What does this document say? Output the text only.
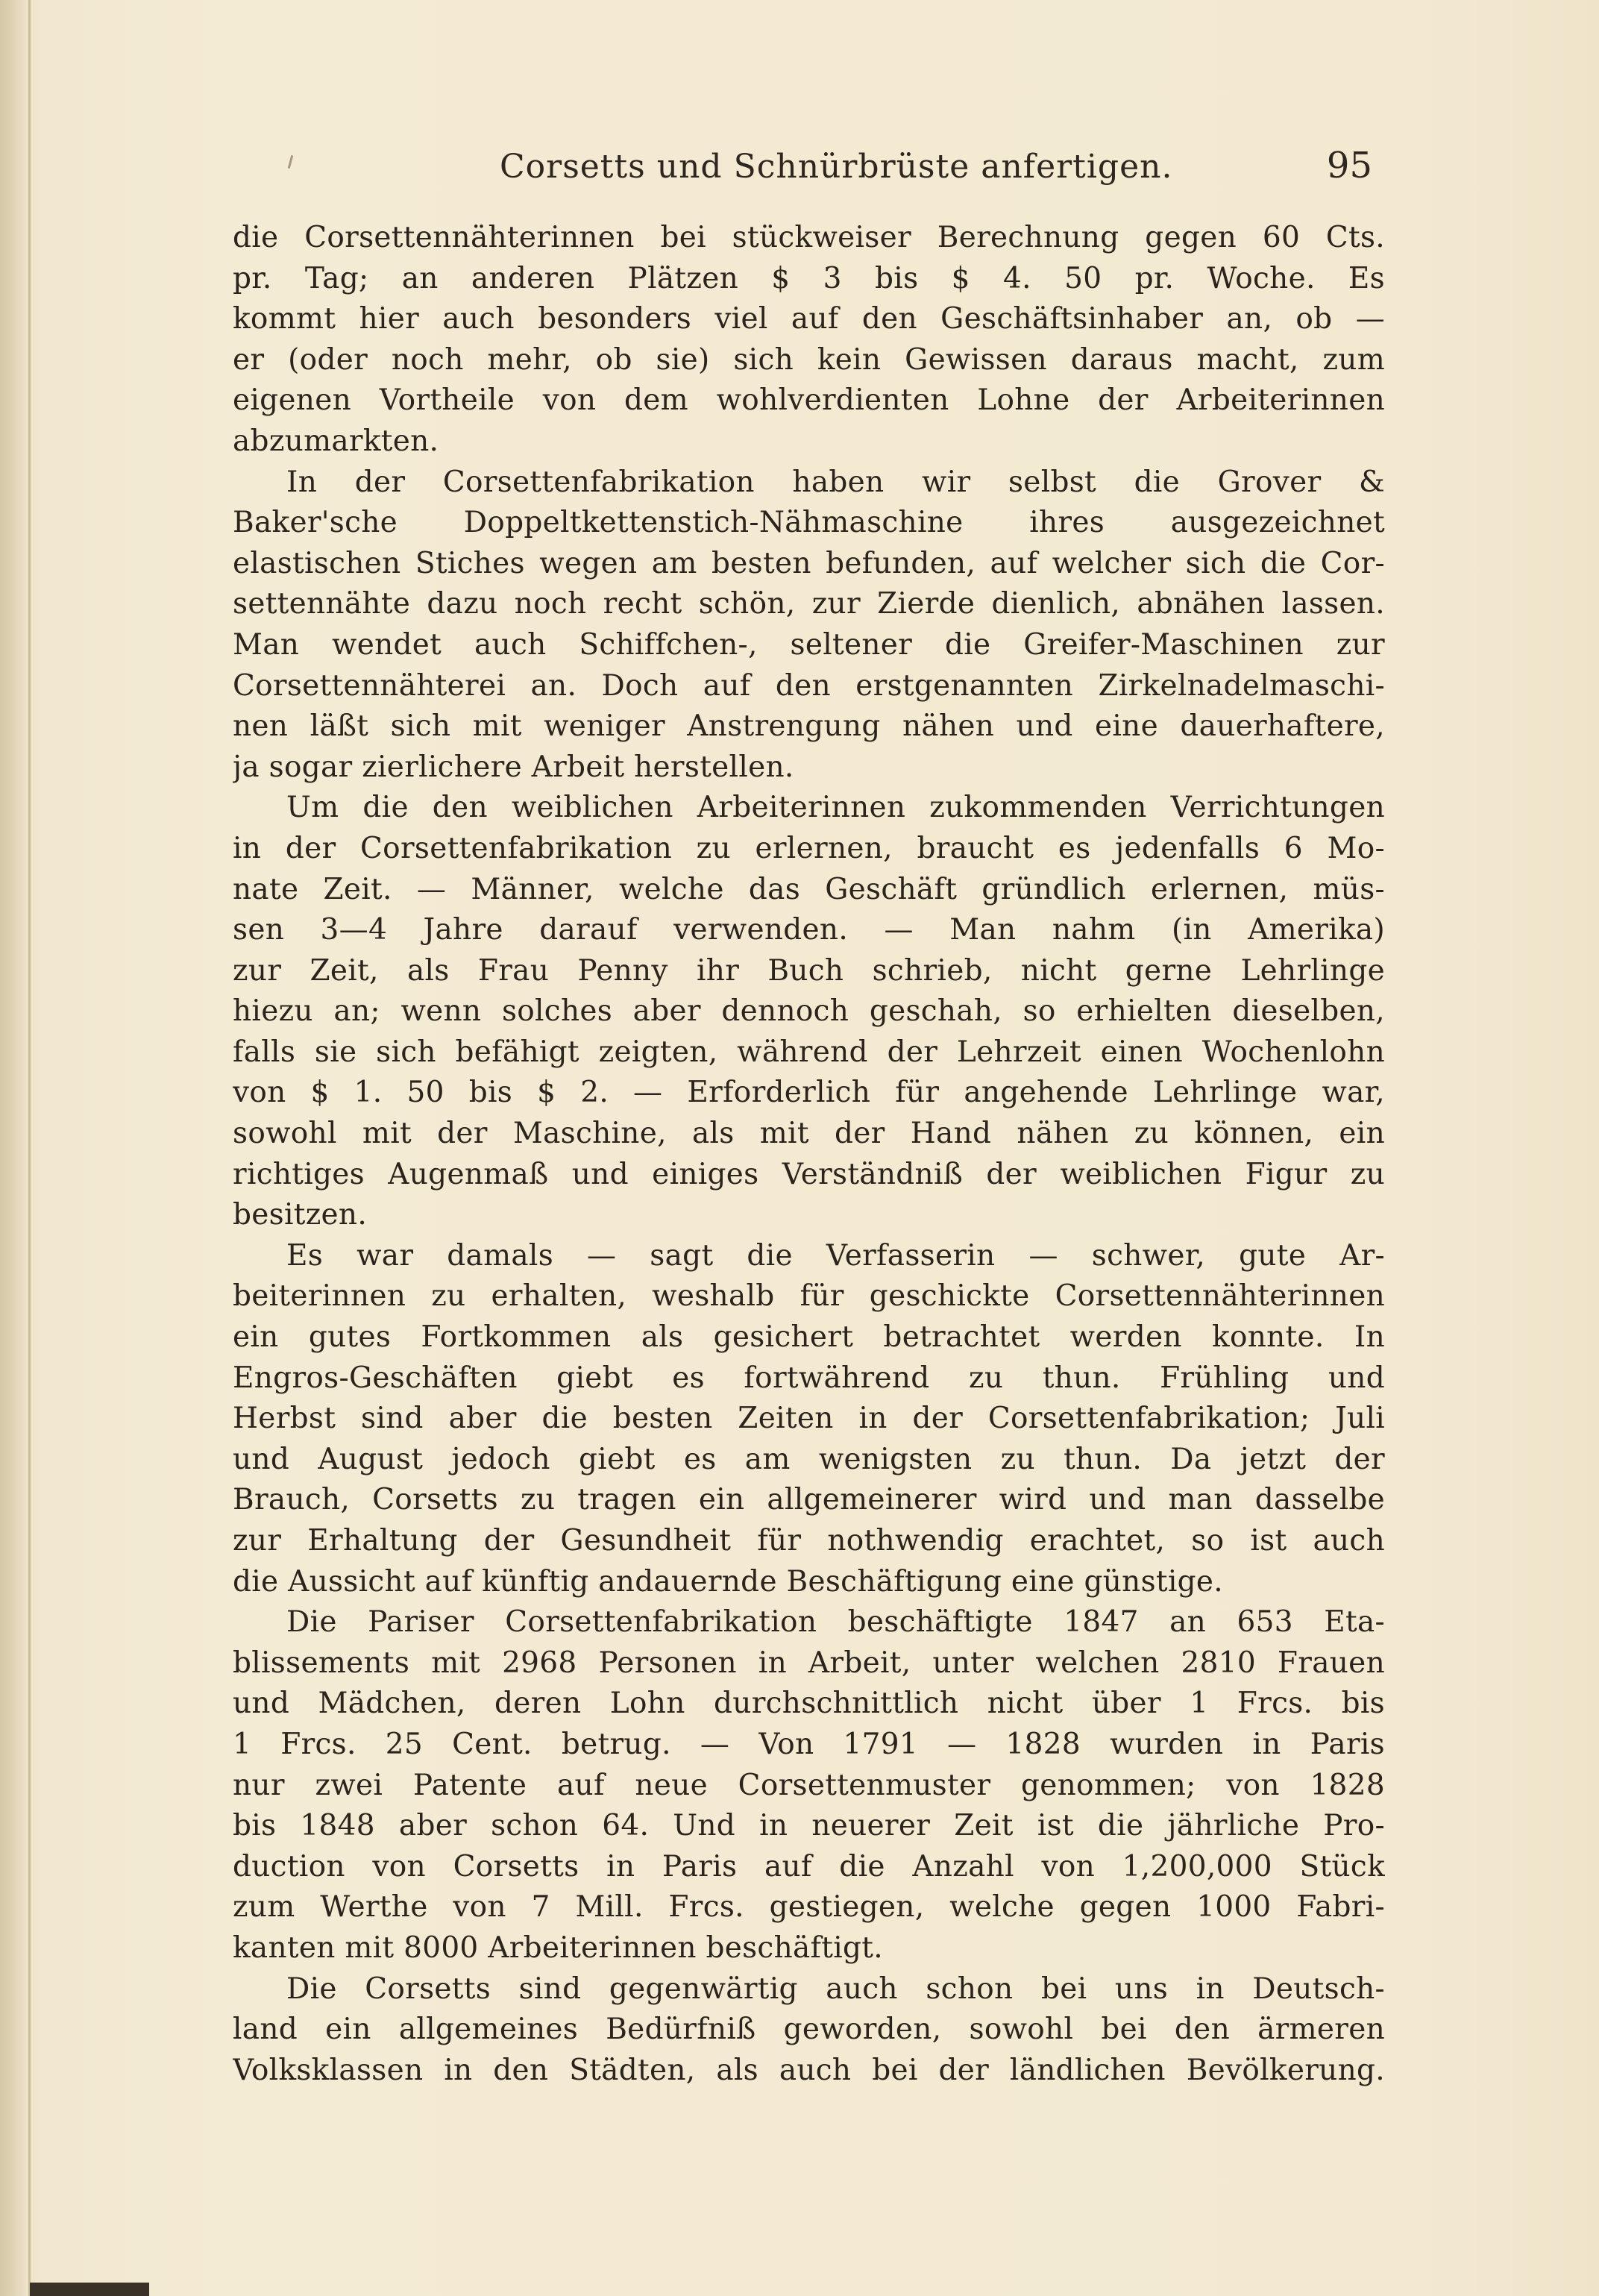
Corsetts und Schnürbrüste anfertigen.	95
die Corsettennähterinnen bei stückweiser Berechnung gegen 60 Cts.
pr. Tag; an anderen Plätzen $ 3 bis $ 4. 50 pr. Woche. Es
kommt hier auch besonders viel auf den Geschäftsinhaber an, ob —
er (oder noch mehr, ob sie) sich kein Gewissen daraus macht, zum
eigenen Vortheile von dem wohlverdienten Lohne der Arbeiterinnen
abzumarkten.
In der Corsettenfabrikation haben wir selbst die Grover &
Baker'sche Doppeltkettenstich-Nähmaschine ihres ausgezeichnet
elastischen Stiches wegen am besten befunden, auf welcher sich die Cor-
settennähte dazu noch recht schön, zur Zierde dienlich, abnähen lassen.
Man wendet auch Schiffchen-, seltener die Greifer-Maschinen zur
Corsettennähterei an. Doch auf den erstgenannten Zirkelnadelmaschi-
nen läßt sich mit weniger Anstrengung nähen und eine dauerhaftere,
ja sogar zierlichere Arbeit herstellen.
Um die den weiblichen Arbeiterinnen zukommenden Verrichtungen
in der Corsettenfabrikation zu erlernen, braucht es jedenfalls 6 Mo-
nate Zeit. — Männer, welche das Geschäft gründlich erlernen, müs-
sen 3—4 Jahre darauf verwenden. — Man nahm (in Amerika)
zur Zeit, als Frau Penny ihr Buch schrieb, nicht gerne Lehrlinge
hiezu an; wenn solches aber dennoch geschah, so erhielten dieselben,
falls sie sich befähigt zeigten, während der Lehrzeit einen Wochenlohn
von $ 1. 50 bis $ 2. — Erforderlich für angehende Lehrlinge war,
sowohl mit der Maschine, als mit der Hand nähen zu können, ein
richtiges Augenmaß und einiges Verständniß der weiblichen Figur zu
besitzen.
Es war damals — sagt die Verfasserin — schwer, gute Ar-
beiterinnen zu erhalten, weshalb für geschickte Corsettennähterinnen
ein gutes Fortkommen als gesichert betrachtet werden konnte. In
Engros-Geschäften giebt es fortwährend zu thun. Frühling und
Herbst sind aber die besten Zeiten in der Corsettenfabrikation; Juli
und August jedoch giebt es am wenigsten zu thun. Da jetzt der
Brauch, Corsetts zu tragen ein allgemeinerer wird und man dasselbe
zur Erhaltung der Gesundheit für nothwendig erachtet, so ist auch
die Aussicht auf künftig andauernde Beschäftigung eine günstige.
Die Pariser Corsettenfabrikation beschäftigte 1847 an 653 Eta-
blissements mit 2968 Personen in Arbeit, unter welchen 2810 Frauen
und Mädchen, deren Lohn durchschnittlich nicht über 1 Frcs. bis
1 Frcs. 25 Cent. betrug. — Von 1791 — 1828 wurden in Paris
nur zwei Patente auf neue Corsettenmuster genommen; von 1828
bis 1848 aber schon 64. Und in neuerer Zeit ist die jährliche Pro-
duction von Corsetts in Paris auf die Anzahl von 1,200,000 Stück
zum Werthe von 7 Mill. Frcs. gestiegen, welche gegen 1000 Fabri-
kanten mit 8000 Arbeiterinnen beschäftigt.
Die Corsetts sind gegenwärtig auch schon bei uns in Deutsch-
land ein allgemeines Bedürfniß geworden, sowohl bei den ärmeren
Volksklassen in den Städten, als auch bei der ländlichen Bevölkerung.
